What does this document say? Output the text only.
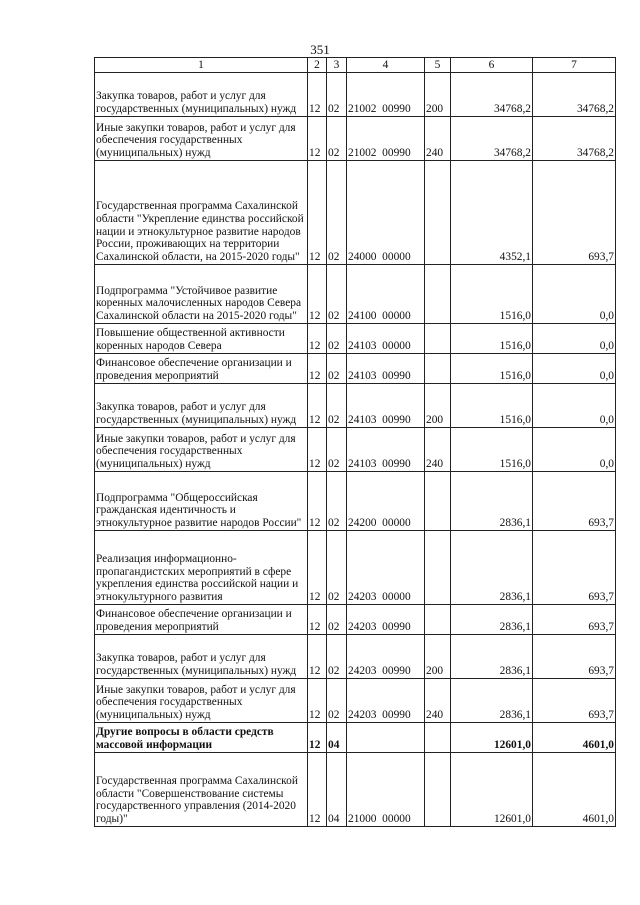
351
1	2	3	4	5	6	7
Закупка товаров, работ и услуг для государственных (муниципальных) нужд	12	02	21002  00990	200	34768,2	34768,2
Иные закупки товаров, работ и услуг для обеспечения государственных (муниципальных) нужд	12	02	21002  00990	240	34768,2	34768,2
Государственная программа Сахалинской области "Укрепление единства российской нации и этнокультурное развитие народов России, проживающих на территории Сахалинской области, на 2015-2020 годы"	12	02	24000  00000		4352,1	693,7
Подпрограмма "Устойчивое развитие коренных малочисленных народов Севера Сахалинской области на 2015-2020 годы"	12	02	24100  00000		1516,0	0,0
Повышение общественной активности коренных народов Севера	12	02	24103  00000		1516,0	0,0
Финансовое обеспечение организации и проведения мероприятий	12	02	24103  00990		1516,0	0,0
Закупка товаров, работ и услуг для государственных (муниципальных) нужд	12	02	24103  00990	200	1516,0	0,0
Иные закупки товаров, работ и услуг для обеспечения государственных (муниципальных) нужд	12	02	24103  00990	240	1516,0	0,0
Подпрограмма "Общероссийская гражданская идентичность и этнокультурное развитие народов России"	12	02	24200  00000		2836,1	693,7
Реализация информационно-пропагандистских мероприятий в сфере укрепления единства российской нации и этнокультурного развития	12	02	24203  00000		2836,1	693,7
Финансовое обеспечение организации и проведения мероприятий	12	02	24203  00990		2836,1	693,7
Закупка товаров, работ и услуг для государственных (муниципальных) нужд	12	02	24203  00990	200	2836,1	693,7
Иные закупки товаров, работ и услуг для обеспечения государственных (муниципальных) нужд	12	02	24203  00990	240	2836,1	693,7
Другие вопросы в области средств массовой информации	12	04			12601,0	4601,0
Государственная программа Сахалинской области "Совершенствование системы государственного управления (2014-2020 годы)"	12	04	21000  00000		12601,0	4601,0
